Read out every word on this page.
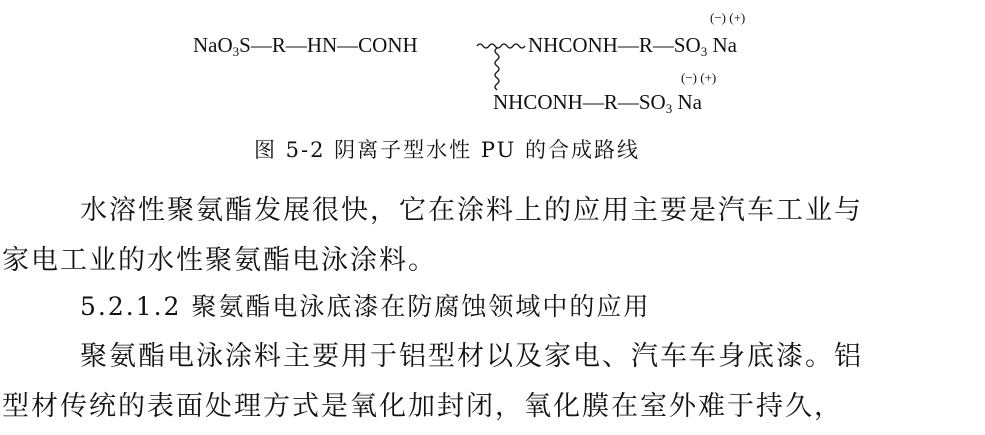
(−) (+)
NaO$_3$S—R—HN—CONH	$NHCONH—R—SO_3$ Na
(−) (+)
$NHCONH—R—SO_3$ Na
图 5-2 阴离子型水性 PU 的合成路线
水溶性聚氨酯发展很快，它在涂料上的应用主要是汽车工业与
家电工业的水性聚氨酯电泳涂料。
5.2.1.2 聚氨酯电泳底漆在防腐蚀领域中的应用
聚氨酯电泳涂料主要用于铝型材以及家电、汽车车身底漆。铝
型材传统的表面处理方式是氧化加封闭，氧化膜在室外难于持久，
